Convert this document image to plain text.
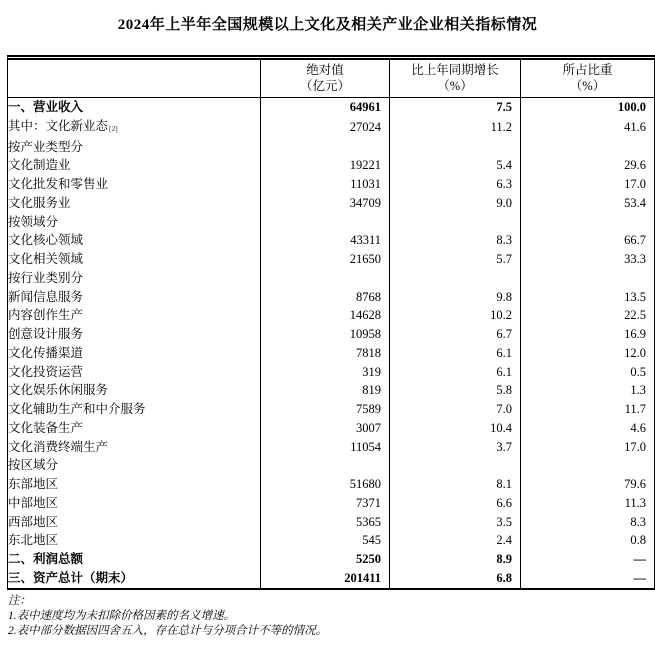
2024年上半年全国规模以上文化及相关产业企业相关指标情况

绝对值
（亿元）

比上年同期增长
（%）

所占比重
（%）

一、营业收入	64961	7.5	100.0
其中：文化新业态[2]	27024	11.2	41.6
按产业类型分			
文化制造业	19221	5.4	29.6
文化批发和零售业	11031	6.3	17.0
文化服务业	34709	9.0	53.4
按领域分			
文化核心领域	43311	8.3	66.7
文化相关领域	21650	5.7	33.3
按行业类别分			
新闻信息服务	8768	9.8	13.5
内容创作生产	14628	10.2	22.5
创意设计服务	10958	6.7	16.9
文化传播渠道	7818	6.1	12.0
文化投资运营	319	6.1	0.5
文化娱乐休闲服务	819	5.8	1.3
文化辅助生产和中介服务	7589	7.0	11.7
文化装备生产	3007	10.4	4.6
文化消费终端生产	11054	3.7	17.0
按区域分			
东部地区	51680	8.1	79.6
中部地区	7371	6.6	11.3
西部地区	5365	3.5	8.3
东北地区	545	2.4	0.8
二、利润总额	5250	8.9	—
三、资产总计（期末）	201411	6.8	—
注：
1.表中速度均为未扣除价格因素的名义增速。
2.表中部分数据因四舍五入，存在总计与分项合计不等的情况。
